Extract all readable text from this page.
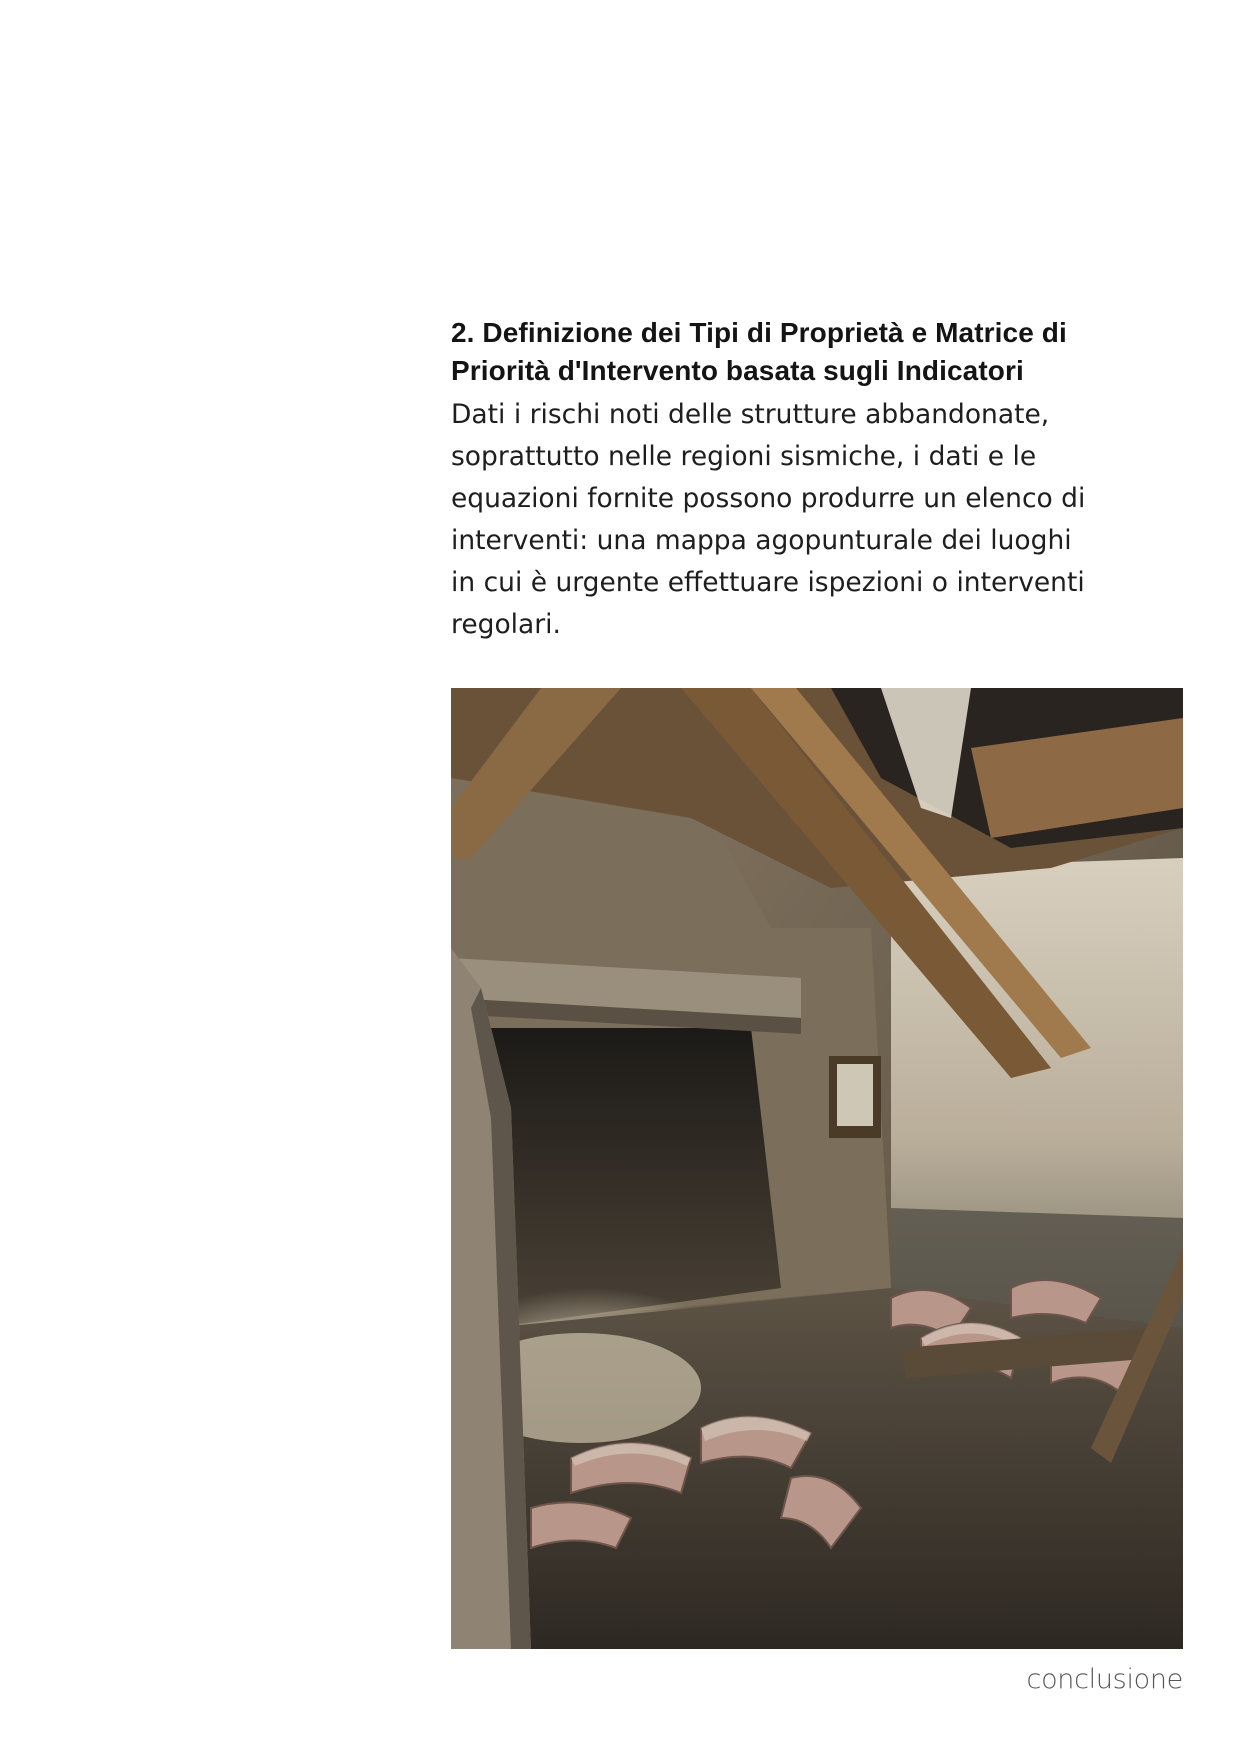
2. Definizione dei Tipi di Proprietà e Matrice di Priorità d'Intervento basata sugli Indicatori

Dati i rischi noti delle strutture abbandonate,
soprattutto nelle regioni sismiche, i dati e le
equazioni fornite possono produrre un elenco di
interventi: una mappa agopunturale dei luoghi
in cui è urgente effettuare ispezioni o interventi
regolari.

conclusione
